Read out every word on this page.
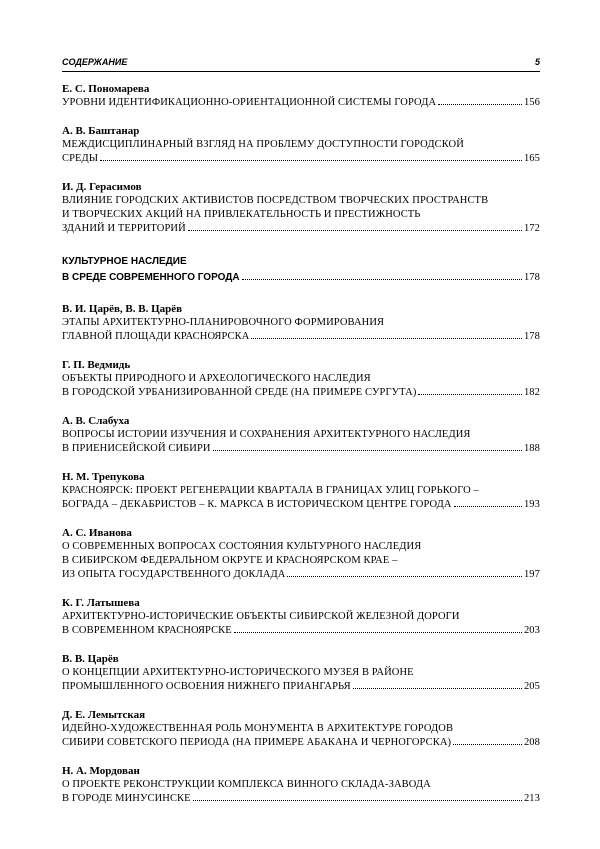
СОДЕРЖАНИЕ	5
Е. С. Пономарева
УРОВНИ ИДЕНТИФИКАЦИОННО-ОРИЕНТАЦИОННОЙ СИСТЕМЫ ГОРОДА	156
А. В. Баштанар
МЕЖДИСЦИПЛИНАРНЫЙ ВЗГЛЯД НА ПРОБЛЕМУ ДОСТУПНОСТИ ГОРОДСКОЙ
СРЕДЫ	165
И. Д. Герасимов
ВЛИЯНИЕ ГОРОДСКИХ АКТИВИСТОВ ПОСРЕДСТВОМ ТВОРЧЕСКИХ ПРОСТРАНСТВ
И ТВОРЧЕСКИХ АКЦИЙ НА ПРИВЛЕКАТЕЛЬНОСТЬ И ПРЕСТИЖНОСТЬ
ЗДАНИЙ И ТЕРРИТОРИЙ	172
КУЛЬТУРНОЕ НАСЛЕДИЕ
В СРЕДЕ СОВРЕМЕННОГО ГОРОДА	178
В. И. Царёв, В. В. Царёв
ЭТАПЫ АРХИТЕКТУРНО-ПЛАНИРОВОЧНОГО ФОРМИРОВАНИЯ
ГЛАВНОЙ ПЛОЩАДИ КРАСНОЯРСКА	178
Г. П. Ведмидь
ОБЪЕКТЫ ПРИРОДНОГО И АРХЕОЛОГИЧЕСКОГО НАСЛЕДИЯ
В ГОРОДСКОЙ УРБАНИЗИРОВАННОЙ СРЕДЕ (НА ПРИМЕРЕ СУРГУТА)	182
А. В. Слабуха
ВОПРОСЫ ИСТОРИИ ИЗУЧЕНИЯ И СОХРАНЕНИЯ АРХИТЕКТУРНОГО НАСЛЕДИЯ
В ПРИЕНИСЕЙСКОЙ СИБИРИ	188
Н. М. Трепукова
КРАСНОЯРСК: ПРОЕКТ РЕГЕНЕРАЦИИ КВАРТАЛА В ГРАНИЦАХ УЛИЦ ГОРЬКОГО –
БОГРАДА – ДЕКАБРИСТОВ – К. МАРКСА В ИСТОРИЧЕСКОМ ЦЕНТРЕ ГОРОДА	193
А. С. Иванова
О СОВРЕМЕННЫХ ВОПРОСАХ СОСТОЯНИЯ КУЛЬТУРНОГО НАСЛЕДИЯ
В СИБИРСКОМ ФЕДЕРАЛЬНОМ ОКРУГЕ И КРАСНОЯРСКОМ КРАЕ –
ИЗ ОПЫТА ГОСУДАРСТВЕННОГО ДОКЛАДА	197
К. Г. Латышева
АРХИТЕКТУРНО-ИСТОРИЧЕСКИЕ ОБЪЕКТЫ СИБИРСКОЙ ЖЕЛЕЗНОЙ ДОРОГИ
В СОВРЕМЕННОМ КРАСНОЯРСКЕ	203
В. В. Царёв
О КОНЦЕПЦИИ АРХИТЕКТУРНО-ИСТОРИЧЕСКОГО МУЗЕЯ В РАЙОНЕ
ПРОМЫШЛЕННОГО ОСВОЕНИЯ НИЖНЕГО ПРИАНГАРЬЯ	205
Д. Е. Лемытская
ИДЕЙНО-ХУДОЖЕСТВЕННАЯ РОЛЬ МОНУМЕНТА В АРХИТЕКТУРЕ ГОРОДОВ
СИБИРИ СОВЕТСКОГО ПЕРИОДА (НА ПРИМЕРЕ АБАКАНА И ЧЕРНОГОРСКА)	208
Н. А. Мордован
О ПРОЕКТЕ РЕКОНСТРУКЦИИ КОМПЛЕКСА ВИННОГО СКЛАДА-ЗАВОДА
В ГОРОДЕ МИНУСИНСКЕ	213
